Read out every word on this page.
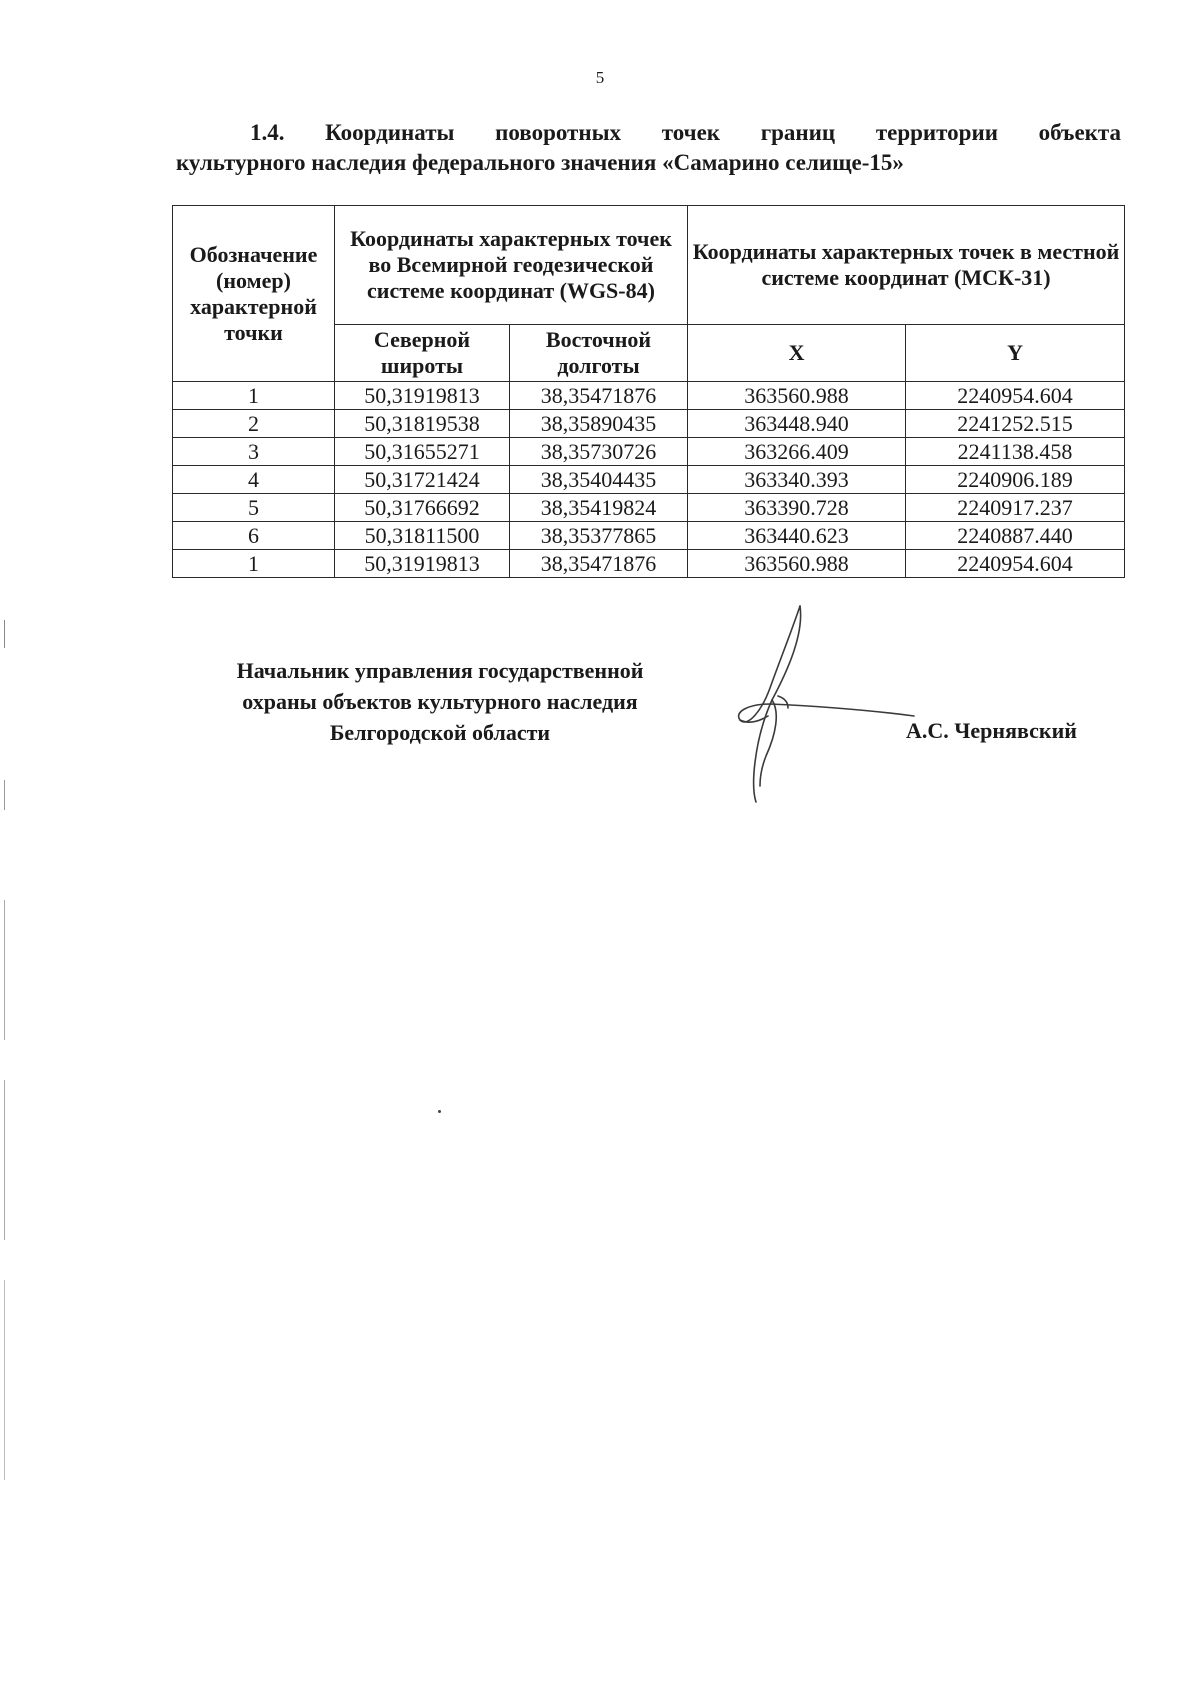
5
1.4. Координаты поворотных точек границ территории объекта
культурного наследия федерального значения «Самарино селище-15»
Обозначение (номер) характерной точки	Координаты характерных точек во Всемирной геодезической системе координат (WGS-84)		Координаты характерных точек в местной системе координат (МСК-31)	
	Северной широты	Восточной долготы	X	Y
1	50,31919813	38,35471876	363560.988	2240954.604
2	50,31819538	38,35890435	363448.940	2241252.515
3	50,31655271	38,35730726	363266.409	2241138.458
4	50,31721424	38,35404435	363340.393	2240906.189
5	50,31766692	38,35419824	363390.728	2240917.237
6	50,31811500	38,35377865	363440.623	2240887.440
1	50,31919813	38,35471876	363560.988	2240954.604
Начальник управления государственной
охраны объектов культурного наследия
Белгородской области	А.С. Чернявский
